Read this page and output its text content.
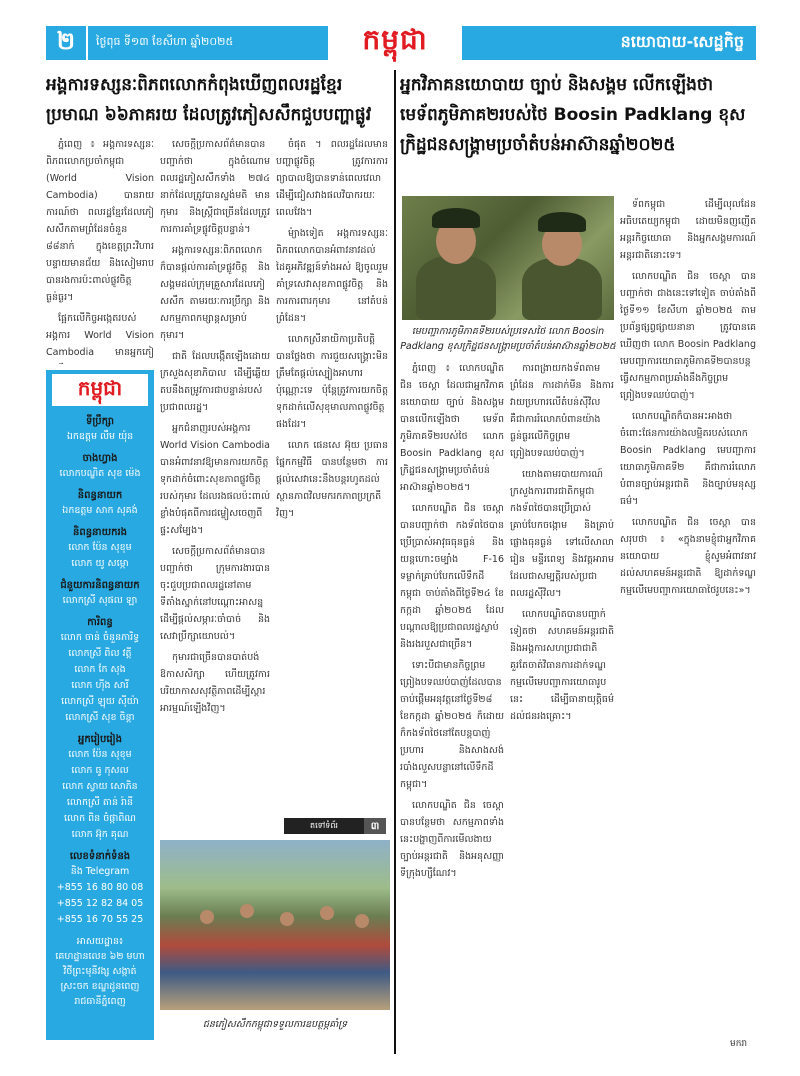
២	ថ្ងៃពុធ ទី១៣ ខែសីហា ឆ្នាំ២០២៥	កម្ពុជា	នយោបាយ-សេដ្ឋកិច្ច
អង្គការទស្សនៈពិភពលោកកំពុងឃើញពលរដ្ឋខ្មែរប្រមាណ ៦៦ភាគរយ ដែលត្រូវភៀសសឹកជួបបញ្ហាផ្លូវ
អ្នកវិភាគនយោបាយ ច្បាប់ និងសង្គម លើកឡើងថា មេទ័ពភូមិភាគ២របស់ថៃ Boosin Padklang ខុសក្រិដ្ឋជនសង្គ្រាមប្រចាំតំបន់អាស៊ានឆ្នាំ២០២៥

ភ្នំពេញ ៖ អង្គការទស្សនៈពិភពលោកប្រចាំកម្ពុជា (World Vision Cambodia) បានរាយការណ៍ថា ពលរដ្ឋខ្មែរដែលភៀសសឹកតាមព្រំដែនចំនួន ៨៨នាក់ ក្នុងខេត្តព្រះវិហារ បន្ទាយមានជ័យ និងសៀមរាប បានរងការប៉ះពាល់ផ្លូវចិត្តធ្ងន់ធ្ងរ។

ផ្អែកលើកិច្ចអង្កេតរបស់អង្គការ World Vision Cambodia មានអ្នកភៀ

កម្ពុជា
ទីប្រឹក្សា
ឯកឧត្តម លឹម យ៉ុន
ចាងហ្វាង
លោកបណ្ឌិត សុខ ម៉េង
និពន្ធនាយក
ឯកឧត្តម សាក សុគង់
និពន្ធនាយករង
លោក ប៉ែន សុខុម
លោក យូ សម្ភោ
ជំនួយការនិពន្ធនាយក
លោកស្រី សុផល ឡា
ការិពន្ធ
លោក ចាន់ ចំនួនភារិទ្ធ
លោកស្រី ពិល វត្តី
លោក កែ សុង
លោក ហ៊ីង សារី
លោកស្រី ឡុយ ស៊ីយ៉ា
លោកស្រី សុខ ចិន្តា
អ្នករៀបរៀង
លោក ប៉ែន សុខុម
លោក ធូ កុសល
លោក ស្វាយ សោភិន
លោកស្រី តាន់ រ៉ានី
លោក ពិន ចំផ្កាពិណ
លោក អ៊ុក គុណ
លេខទំនាក់ទំនង
និង Telegram
+855 16 80 80 08
+855 12 82 84 05
+855 16 70 55 25
អាសយដ្ឋាន៖ គេហដ្ឋានលេខ ៦២ មហាវិថីព្រះមុនីវង្ស សង្កាត់ស្រះចក ខណ្ឌដូនពេញ រាជធានីភ្នំពេញ

សេចក្តីប្រកាសព័ត៌មានបានបញ្ជាក់ថា ក្នុងចំណោមពលរដ្ឋភៀសសឹកទាំង ២៧៤ នាក់ដែលត្រូវបានស្ទង់មតិ មានកុមារ និងស្ត្រីជាច្រើនដែលត្រូវការការគាំទ្រផ្លូវចិត្តបន្ទាន់។

អង្គការទស្សនៈពិភពលោកក៏បានផ្តល់ការគាំទ្រផ្លូវចិត្ត និងសង្គមដល់ក្រុមគ្រួសារដែលភៀសសឹក តាមរយៈការប្រឹក្សា និងសកម្មភាពកម្សាន្តសម្រាប់កុមារ។

ជាតិ ដែលបង្កើតឡើងដោយក្រសួងសុខាភិបាល ដើម្បីឆ្លើយតបនឹងតម្រូវការជាបន្ទាន់របស់ប្រជាពលរដ្ឋ។

អ្នកជំនាញរបស់អង្គការ World Vision Cambodia បានអំពាវនាវឱ្យមានការយកចិត្តទុកដាក់ចំពោះសុខភាពផ្លូវចិត្តរបស់កុមារ ដែលរងផលប៉ះពាល់ខ្លាំងបំផុតពីការជម្លៀសចេញពីផ្ទះសម្បែង។

សេចក្តីប្រកាសព័ត៌មានបានបញ្ជាក់ថា ក្រុមការងារបានចុះជួបប្រជាពលរដ្ឋនៅតាមទីតាំងស្នាក់នៅបណ្តោះអាសន្ន ដើម្បីផ្តល់សម្ភារៈចាំបាច់ និងសេវាប្រឹក្សាយោបល់។

កុមារជាច្រើនបានបាត់បង់ឱកាសសិក្សា ហើយត្រូវការបរិយាកាសសុវត្ថិភាពដើម្បីស្តារអារម្មណ៍ឡើងវិញ។

ចំផុត ។ ពលរដ្ឋដែលមានបញ្ហាផ្លូវចិត្ត ត្រូវការការព្យាបាលឱ្យបានទាន់ពេលវេលា ដើម្បីជៀសវាងផលវិបាករយៈពេលវែង។

ម៉្យាងទៀត អង្គការទស្សនៈពិភពលោកបានអំពាវនាវដល់ដៃគូអភិវឌ្ឍន៍ទាំងអស់ ឱ្យចូលរួមគាំទ្រសេវាសុខភាពផ្លូវចិត្ត និងការការពារកុមារ នៅតំបន់ព្រំដែន។

លោកស្រីនាយិកាប្រតិបត្តិ បានថ្លែងថា ការជួយសង្គ្រោះមិនត្រឹមតែផ្តល់ស្បៀងអាហារប៉ុណ្ណោះទេ ប៉ុន្តែត្រូវការយកចិត្តទុកដាក់លើសុខុមាលភាពផ្លូវចិត្តផងដែរ។

លោក ផេនសេ អ៊ុយ ប្រធានផ្នែកកម្មវិធី បានបន្ថែមថា ការផ្តល់សេវានេះនឹងបន្តរហូតដល់ស្ថានភាពវិលមករកភាពប្រក្រតីវិញ។

តទៅទំព័រ	៣
ជនភៀសសឹកកម្ពុជាទទួលការឧបត្ថម្ភគាំទ្រ
មេបញ្ជាការភូមិភាគទី២របស់ប្រទេសថៃ លោក Boosin Padklang ខុសក្រិដ្ឋជនសង្គ្រាមប្រចាំតំបន់អាស៊ានឆ្នាំ២០២៥

ទ័ពកម្ពុជា ដើម្បីលុលដែនអធិបតេយ្យកម្ពុជា ដោយមិនញញើតអន្តរកិច្ចយោធា និងអ្នកសង្គមការណ៍អន្តរជាតិនោះទេ។

លោកបណ្ឌិត ជិន ចេស្តា បានបញ្ជាក់ថា ជាងនេះទៅទៀត ចាប់តាំងពីថ្ងៃទី១១ ខែសីហា ឆ្នាំ២០២៥ តាមប្រព័ន្ធផ្សព្វផ្សាយនានា ត្រូវបានគេឃើញថា លោក Boosin Padklang មេបញ្ជាការយោធាភូមិភាគទី២បានបន្តធ្វើសកម្មភាពប្រឆាំងនឹងកិច្ចព្រមព្រៀងបទឈប់បាញ់។

លោកបណ្ឌិតក៏បានអះអាងថា ចំពោះផែនការយ៉ាងលម្អិតរបស់លោក Boosin Padklang មេបញ្ជាការយោធាភូមិភាគទី២ គឺជាការរំលោភបំពានច្បាប់អន្តរជាតិ និងច្បាប់មនុស្សធម៌។

លោកបណ្ឌិត ជិន ចេស្តា បានសរុបថា ៖ «ក្នុងនាមខ្ញុំជាអ្នកវិភាគនយោបាយ ខ្ញុំសូមអំពាវនាវដល់សហគមន៍អន្តរជាតិ ឱ្យដាក់ទណ្ឌកម្មលើមេបញ្ជាការយោធាថៃរូបនេះ»។

ភ្នំពេញ ៖ លោកបណ្ឌិត ជិន ចេស្តា ដែលជាអ្នកវិភាគនយោបាយ ច្បាប់ និងសង្គម បានលើកឡើងថា មេទ័ពភូមិភាគទី២របស់ថៃ លោក Boosin Padklang ខុសក្រិដ្ឋជនសង្គ្រាមប្រចាំតំបន់អាស៊ានឆ្នាំ២០២៥។

លោកបណ្ឌិត ជិន ចេស្តា បានបញ្ជាក់ថា កងទ័ពថៃបានប្រើប្រាស់អាវុធធុនធ្ងន់ និងយន្តហោះចម្បាំង F-16 ទម្លាក់គ្រាប់បែកលើទឹកដីកម្ពុជា ចាប់តាំងពីថ្ងៃទី២៤ ខែកក្កដា ឆ្នាំ២០២៥ ដែលបណ្តាលឱ្យប្រជាពលរដ្ឋស្លាប់ និងរងរបួសជាច្រើន។

ទោះបីជាមានកិច្ចព្រមព្រៀងបទឈប់បាញ់ដែលបានចាប់ផ្តើមអនុវត្តនៅថ្ងៃទី២៨ ខែកក្កដា ឆ្នាំ២០២៥ ក៏ដោយ ក៏កងទ័ពថៃនៅតែបន្តបាញ់ប្រហារ និងសាងសង់របាំងលួសបន្លានៅលើទឹកដីកម្ពុជា។

លោកបណ្ឌិត ជិន ចេស្តា បានបន្ថែមថា សកម្មភាពទាំងនេះបង្ហាញពីការមើលងាយច្បាប់អន្តរជាតិ និងអនុសញ្ញាទីក្រុងហ្សឺណែវ។

ការពង្រាយកងទ័ពតាមព្រំដែន ការដាក់មីន និងការវាយប្រហារលើតំបន់ស៊ីវិល គឺជាការរំលោភបំពានយ៉ាងធ្ងន់ធ្ងរលើកិច្ចព្រមព្រៀងបទឈប់បាញ់។

យោងតាមរបាយការណ៍ ក្រសួងការពារជាតិកម្ពុជា កងទ័ពថៃបានប្រើប្រាស់គ្រាប់បែកចង្កោម និងគ្រាប់ផ្លោងធុនធ្ងន់ ទៅលើសាលារៀន មន្ទីរពេទ្យ និងវត្តអារាម ដែលជាសម្បត្តិរបស់ប្រជាពលរដ្ឋស៊ីវិល។

លោកបណ្ឌិតបានបញ្ជាក់ទៀតថា សហគមន៍អន្តរជាតិ និងអង្គការសហប្រជាជាតិ គួរតែចាត់វិធានការដាក់ទណ្ឌកម្មលើមេបញ្ជាការយោធារូបនេះ ដើម្បីធានាយុត្តិធម៌ដល់ជនរងគ្រោះ។

មករា
